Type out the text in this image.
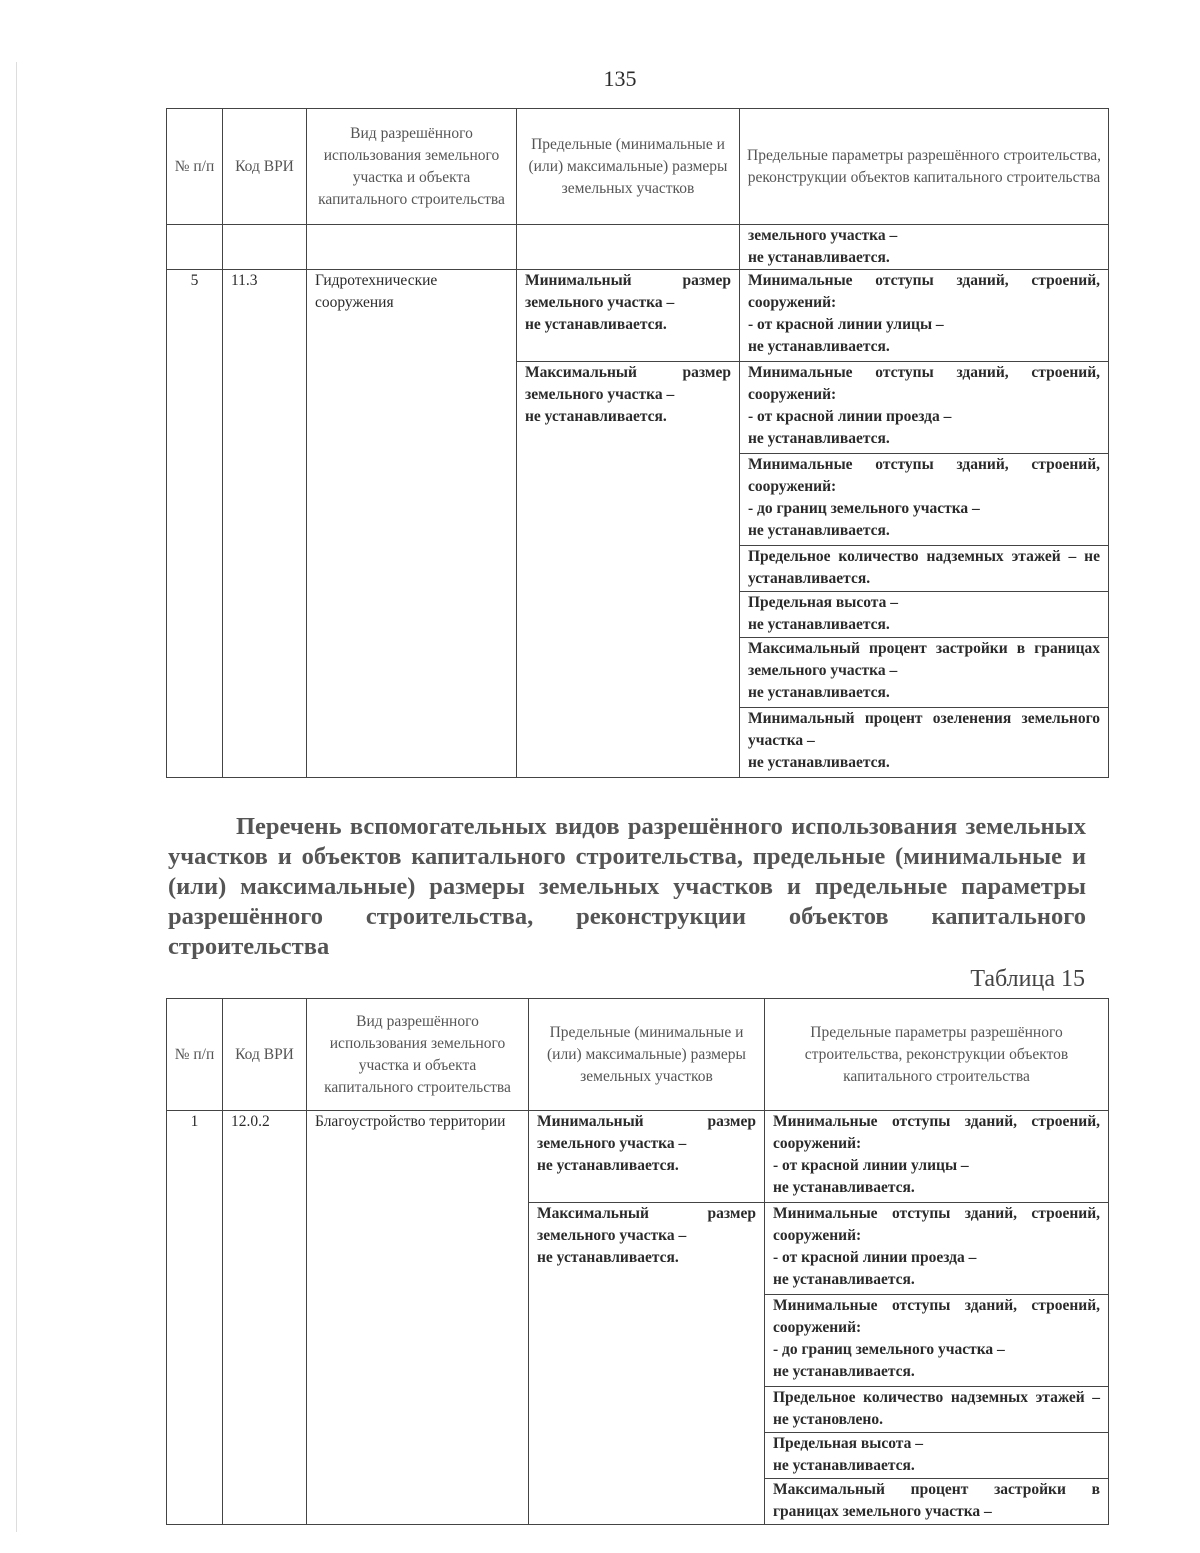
135
№ п/п	Код ВРИ	Вид разрешённого использования земельного участка и объекта капитального строительства	Предельные (минимальные и (или) максимальные) размеры земельных участков	Предельные параметры разрешённого строительства, реконструкции объектов капитального строительства
				земельного участка –
не устанавливается.
5	11.3	Гидротехнические сооружения	Минимальный размер земельного участка –
не устанавливается.	Минимальные отступы зданий, строений, сооружений:
- от красной линии улицы –
не устанавливается.
			Максимальный размер земельного участка –
не устанавливается.	Минимальные отступы зданий, строений, сооружений:
- от красной линии проезда –
не устанавливается.
				Минимальные отступы зданий, строений, сооружений:
- до границ земельного участка –
не устанавливается.
				Предельное количество надземных этажей – не устанавливается.
				Предельная высота –
не устанавливается.
				Максимальный процент застройки в границах земельного участка –
не устанавливается.
				Минимальный процент озеленения земельного участка –
не устанавливается.
Перечень вспомогательных видов разрешённого использования земельных участков и объектов капитального строительства, предельные (минимальные и (или) максимальные) размеры земельных участков и предельные параметры разрешённого строительства, реконструкции объектов капитального строительства
Таблица 15
№ п/п	Код ВРИ	Вид разрешённого использования земельного участка и объекта капитального строительства	Предельные (минимальные и (или) максимальные) размеры земельных участков	Предельные параметры разрешённого строительства, реконструкции объектов капитального строительства
1	12.0.2	Благоустройство территории	Минимальный размер земельного участка –
не устанавливается.	Минимальные отступы зданий, строений, сооружений:
- от красной линии улицы –
не устанавливается.
			Максимальный размер земельного участка –
не устанавливается.	Минимальные отступы зданий, строений, сооружений:
- от красной линии проезда –
не устанавливается.
				Минимальные отступы зданий, строений, сооружений:
- до границ земельного участка –
не устанавливается.
				Предельное количество надземных этажей – не установлено.
				Предельная высота –
не устанавливается.
				Максимальный процент застройки в границах земельного участка –
